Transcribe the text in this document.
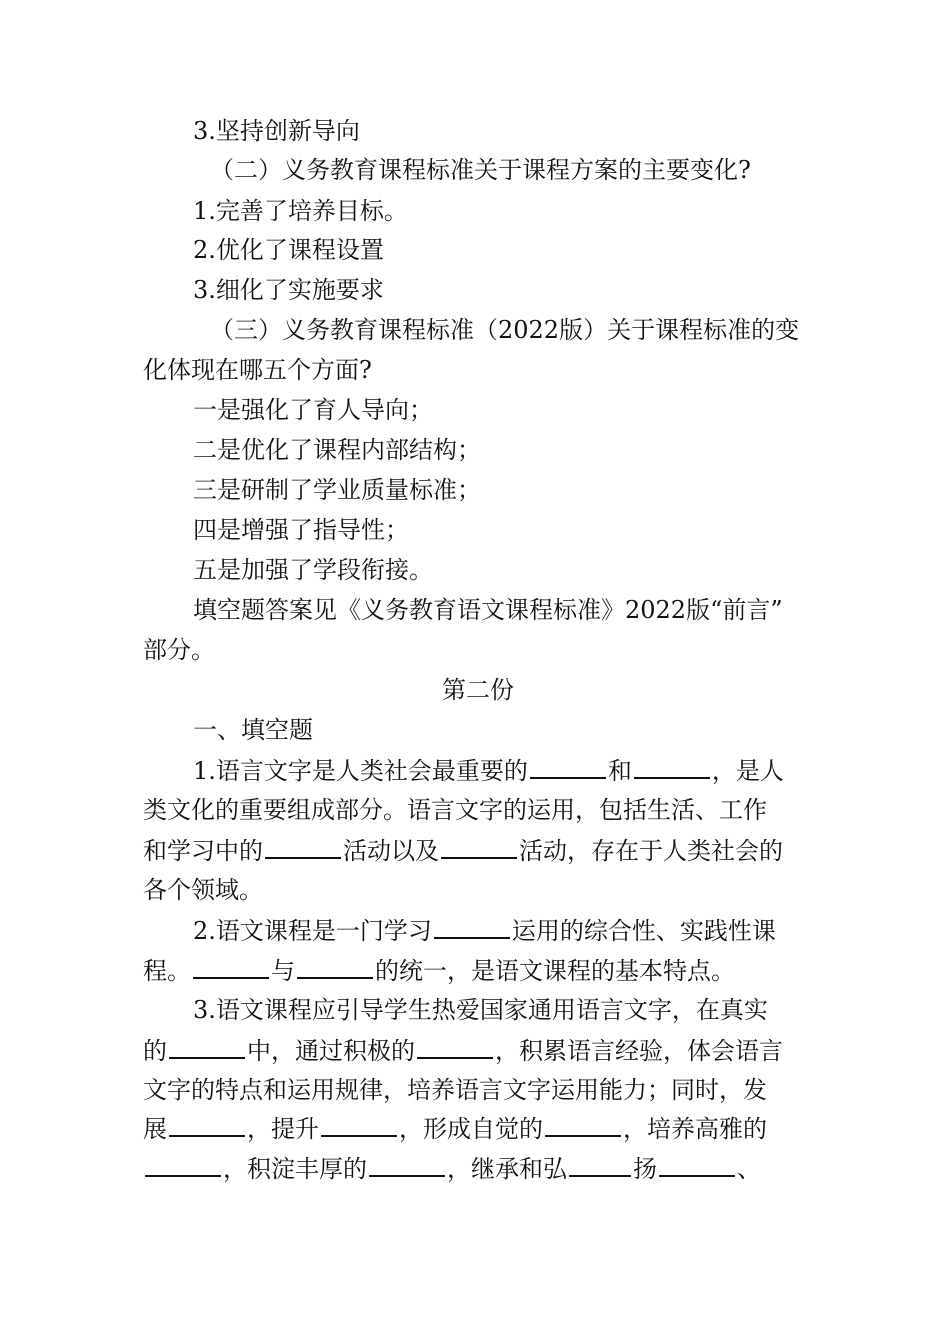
3.坚持创新导向
（二）义务教育课程标准关于课程方案的主要变化?
1.完善了培养目标。
2.优化了课程设置
3.细化了实施要求
（三）义务教育课程标准（2022版）关于课程标准的变
化体现在哪五个方面?
一是强化了育人导向；
二是优化了课程内部结构；
三是研制了学业质量标准；
四是增强了指导性；
五是加强了学段衔接。
填空题答案见《义务教育语文课程标准》2022版“前言”
部分。
第二份
一、填空题
1.语言文字是人类社会最重要的	和	，是人
类文化的重要组成部分。语言文字的运用，包括生活、工作
和学习中的	活动以及	活动，存在于人类社会的
各个领域。
2.语文课程是一门学习	运用的综合性、实践性课
程。	与	的统一，是语文课程的基本特点。
3.语文课程应引导学生热爱国家通用语言文字，在真实
的	中，通过积极的	，积累语言经验，体会语言
文字的特点和运用规律，培养语言文字运用能力；同时，发
展	，提升	，形成自觉的	，培养高雅的
，积淀丰厚的	，继承和弘	扬	、
